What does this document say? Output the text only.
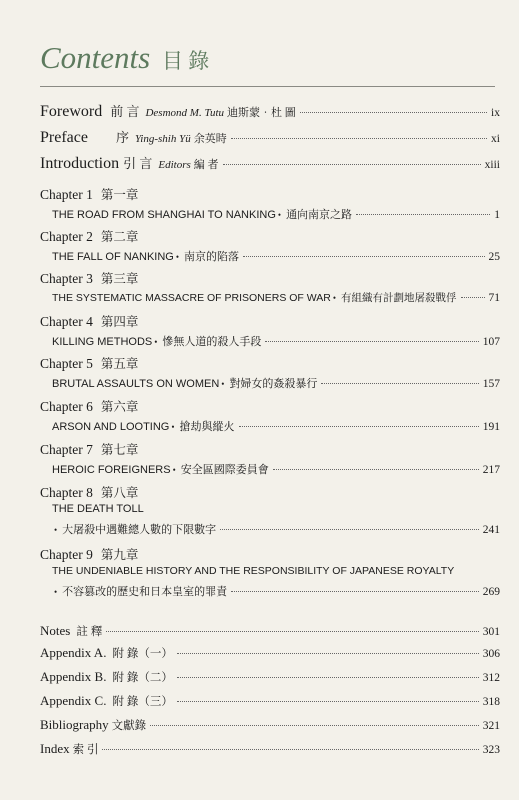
Contents 目 錄
Foreword 前 言 Desmond M. Tutu 迪斯蒙‧杜 圖	ix
Preface 序 Ying-shih Yü 余英時	xi
Introduction 引 言 Editors 編 者	xiii
Chapter 1 第一章
THE ROAD FROM SHANGHAI TO NANKING • 通向南京之路	1
Chapter 2 第二章
THE FALL OF NANKING • 南京的陷落	25
Chapter 3 第三章
THE SYSTEMATIC MASSACRE OF PRISONERS OF WAR • 有組織有計劃地屠殺戰俘	71
Chapter 4 第四章
KILLING METHODS • 慘無人道的殺人手段	107
Chapter 5 第五章
BRUTAL ASSAULTS ON WOMEN • 對婦女的姦殺暴行	157
Chapter 6 第六章
ARSON AND LOOTING • 搶劫與縱火	191
Chapter 7 第七章
HEROIC FOREIGNERS • 安全區國際委員會	217
Chapter 8 第八章
THE DEATH TOLL
• 大屠殺中遇難總人數的下限數字	241
Chapter 9 第九章
THE UNDENIABLE HISTORY AND THE RESPONSIBILITY OF JAPANESE ROYALTY
• 不容篡改的歷史和日本皇室的罪責	269
Notes 註 釋	301
Appendix A. 附 錄（一）	306
Appendix B. 附 錄（二）	312
Appendix C. 附 錄（三）	318
Bibliography 文獻錄	321
Index 索 引	323
